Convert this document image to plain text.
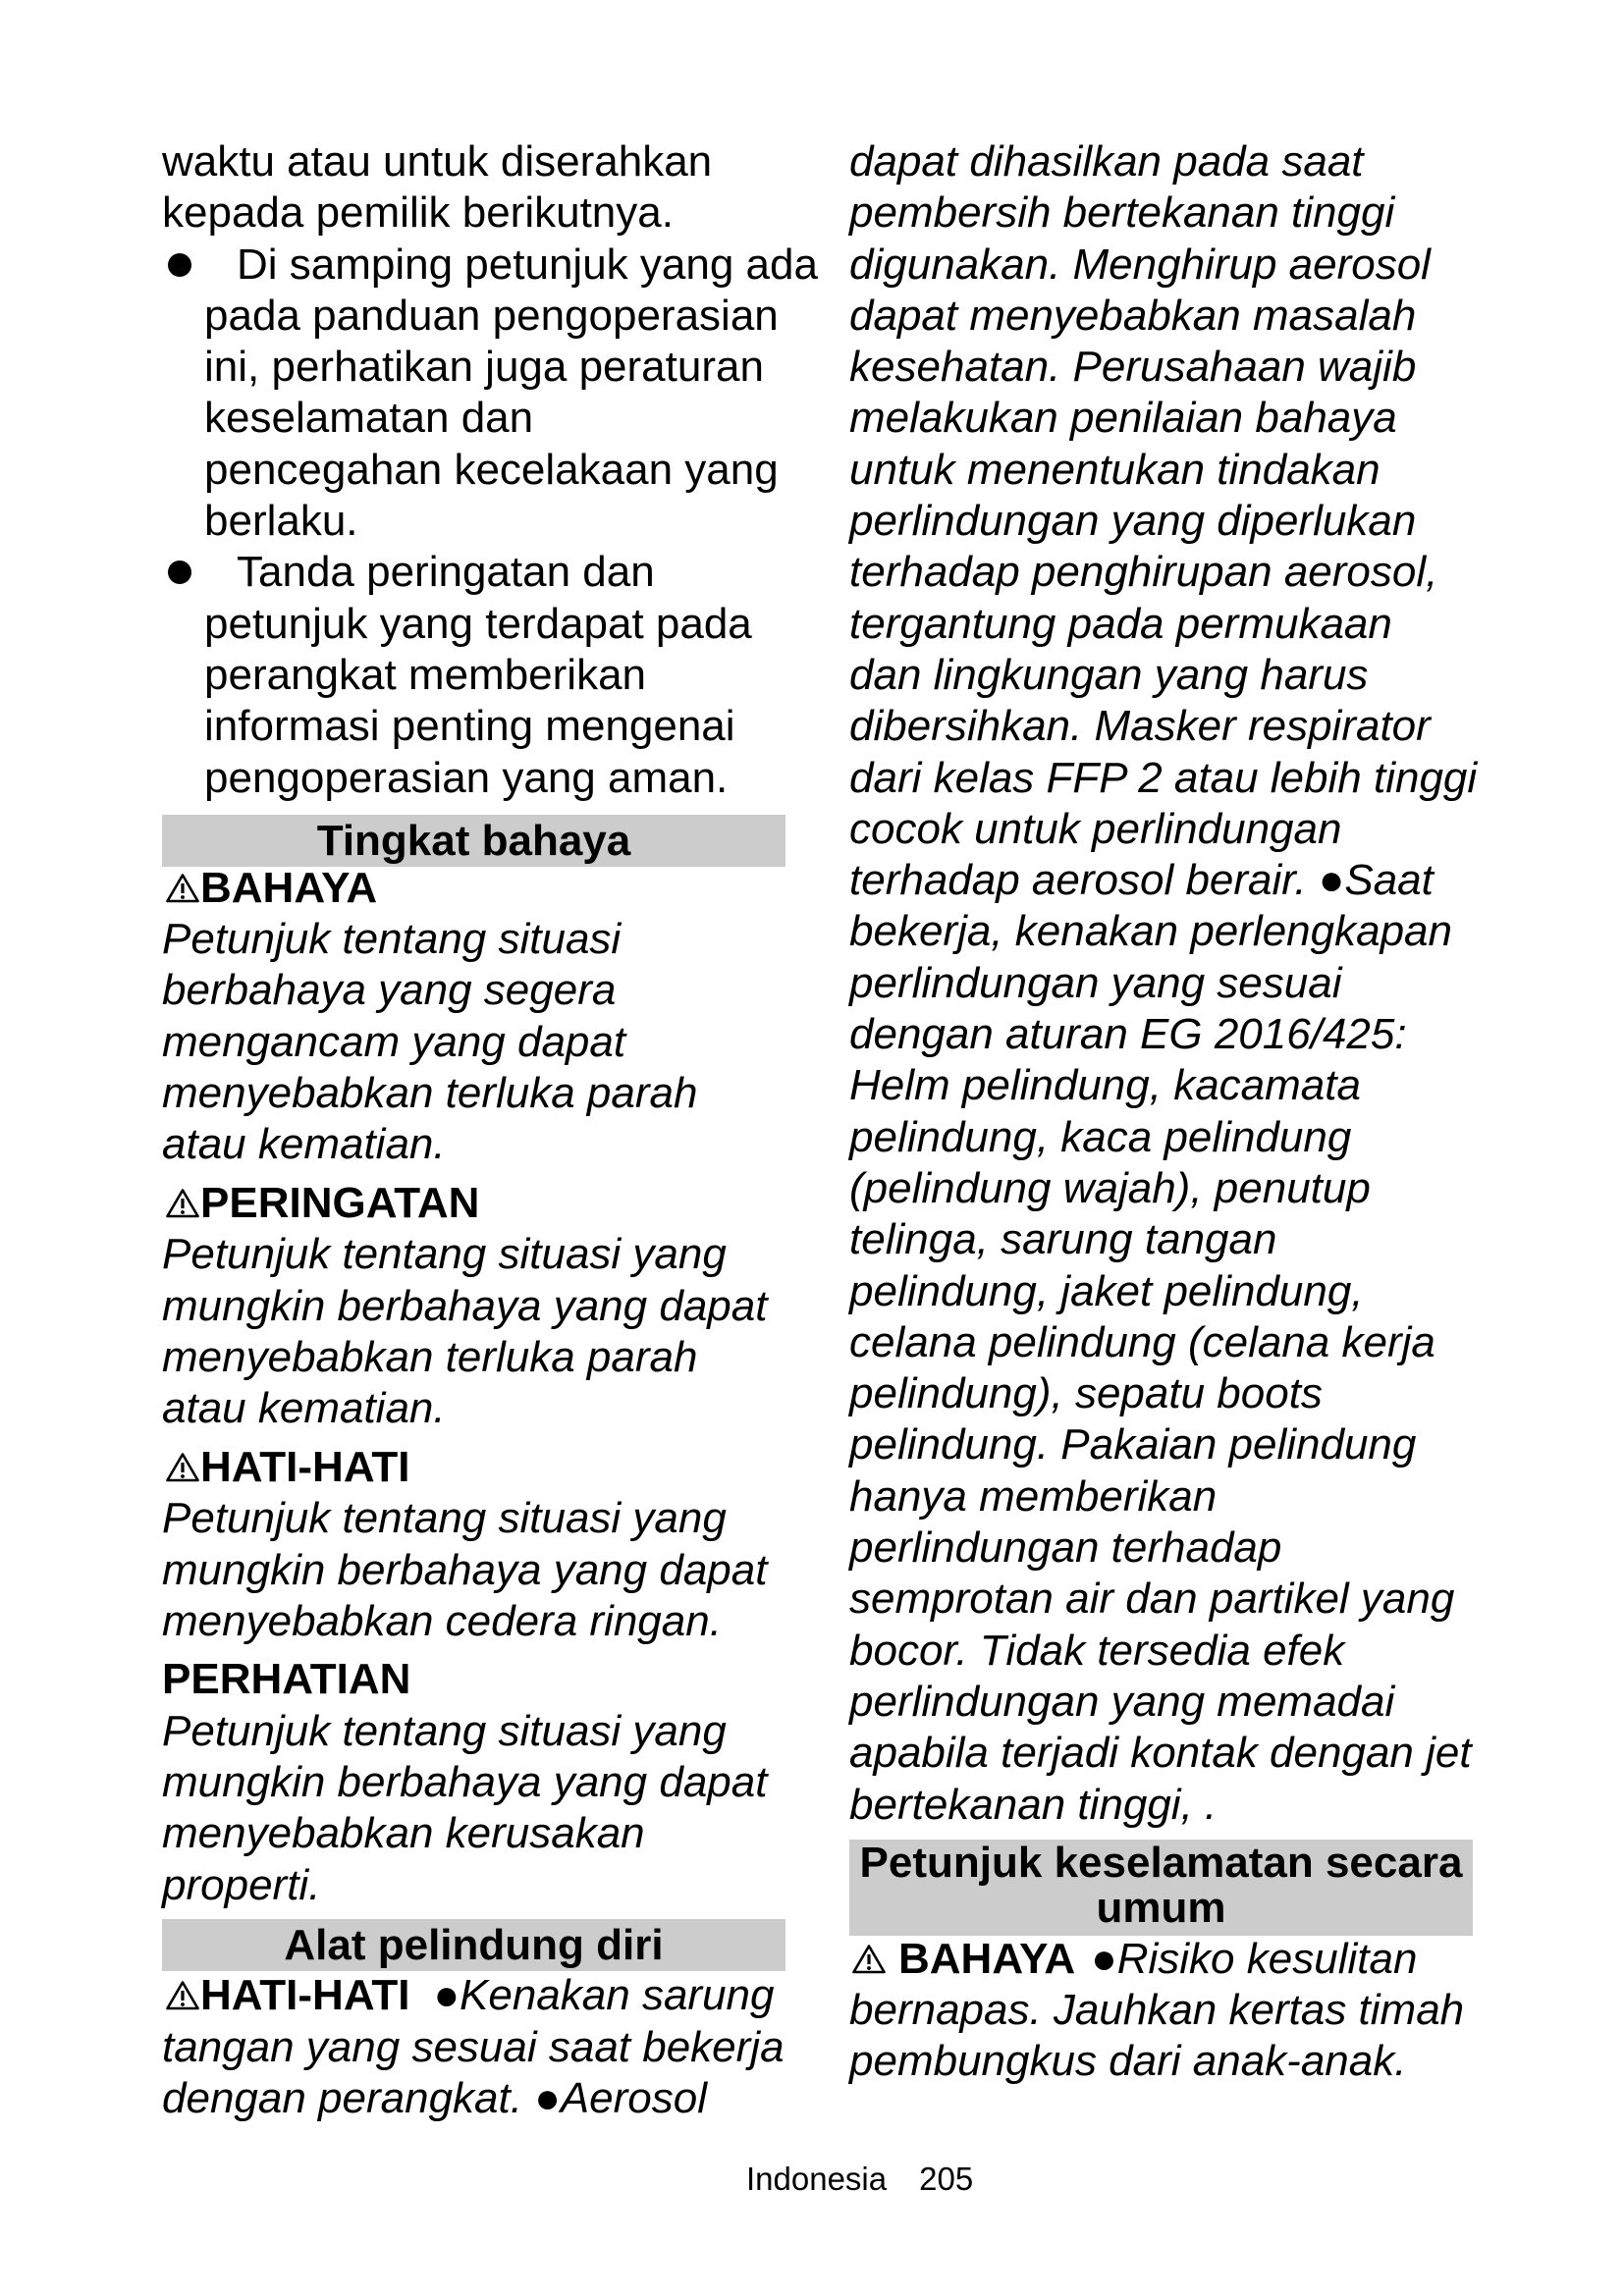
waktu atau untuk diserahkan
kepada pemilik berikutnya.
Di samping petunjuk yang ada
pada panduan pengoperasian
ini, perhatikan juga peraturan
keselamatan dan
pencegahan kecelakaan yang
berlaku.
Tanda peringatan dan
petunjuk yang terdapat pada
perangkat memberikan
informasi penting mengenai
pengoperasian yang aman.
Tingkat bahaya
BAHAYA
Petunjuk tentang situasi
berbahaya yang segera
mengancam yang dapat
menyebabkan terluka parah
atau kematian.
PERINGATAN
Petunjuk tentang situasi yang
mungkin berbahaya yang dapat
menyebabkan terluka parah
atau kematian.
HATI-HATI
Petunjuk tentang situasi yang
mungkin berbahaya yang dapat
menyebabkan cedera ringan.
PERHATIAN
Petunjuk tentang situasi yang
mungkin berbahaya yang dapat
menyebabkan kerusakan
properti.
Alat pelindung diri
HATI-HATI ●Kenakan sarung
tangan yang sesuai saat bekerja
dengan perangkat. ●Aerosol
dapat dihasilkan pada saat
pembersih bertekanan tinggi
digunakan. Menghirup aerosol
dapat menyebabkan masalah
kesehatan. Perusahaan wajib
melakukan penilaian bahaya
untuk menentukan tindakan
perlindungan yang diperlukan
terhadap penghirupan aerosol,
tergantung pada permukaan
dan lingkungan yang harus
dibersihkan. Masker respirator
dari kelas FFP 2 atau lebih tinggi
cocok untuk perlindungan
terhadap aerosol berair. ●Saat
bekerja, kenakan perlengkapan
perlindungan yang sesuai
dengan aturan EG 2016/425:
Helm pelindung, kacamata
pelindung, kaca pelindung
(pelindung wajah), penutup
telinga, sarung tangan
pelindung, jaket pelindung,
celana pelindung (celana kerja
pelindung), sepatu boots
pelindung. Pakaian pelindung
hanya memberikan
perlindungan terhadap
semprotan air dan partikel yang
bocor. Tidak tersedia efek
perlindungan yang memadai
apabila terjadi kontak dengan jet
bertekanan tinggi, .
Petunjuk keselamatan secara
umum
BAHAYA ●Risiko kesulitan
bernapas. Jauhkan kertas timah
pembungkus dari anak-anak.
Indonesia 205
